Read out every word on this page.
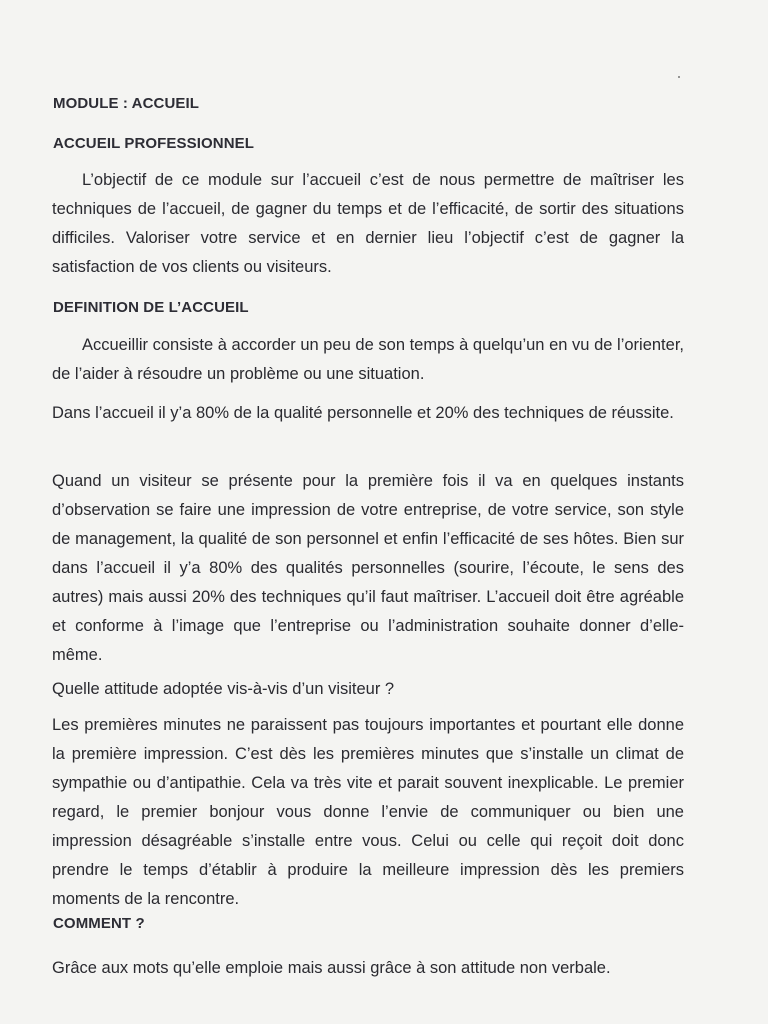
MODULE : ACCUEIL
ACCUEIL PROFESSIONNEL

L’objectif de ce module sur l’accueil c’est de nous permettre de maîtriser les techniques de l’accueil, de gagner du temps et de l’efficacité, de sortir des situations difficiles. Valoriser votre service et en dernier lieu l’objectif c’est de gagner la satisfaction de vos clients ou visiteurs.

DEFINITION DE L’ACCUEIL

Accueillir consiste à accorder un peu de son temps à quelqu’un en vu de l’orienter, de l’aider à résoudre un problème ou une situation.

Dans l’accueil il y’a 80% de la qualité personnelle et 20% des techniques de réussite.

Quand un visiteur se présente pour la première fois il va en quelques instants d’observation se faire une impression de votre entreprise, de votre service, son style de management, la qualité de son personnel et enfin l’efficacité de ses hôtes. Bien sur dans l’accueil il y’a 80% des qualités personnelles (sourire, l’écoute, le sens des autres) mais aussi 20% des techniques qu’il faut maîtriser. L’accueil doit être agréable et conforme à l’image que l’entreprise ou l’administration souhaite donner d’elle-même.

Quelle attitude adoptée vis-à-vis d’un visiteur ?

Les premières minutes ne paraissent pas toujours importantes et pourtant elle donne la première impression. C’est dès les premières minutes que s’installe un climat de sympathie ou d’antipathie. Cela va très vite et parait souvent inexplicable. Le premier regard, le premier bonjour vous donne l’envie de communiquer ou bien une impression désagréable s’installe entre vous. Celui ou celle qui reçoit doit donc prendre le temps d’établir à produire la meilleure impression dès les premiers moments de la rencontre.

COMMENT ?

Grâce aux mots qu’elle emploie mais aussi grâce à son attitude non verbale.
